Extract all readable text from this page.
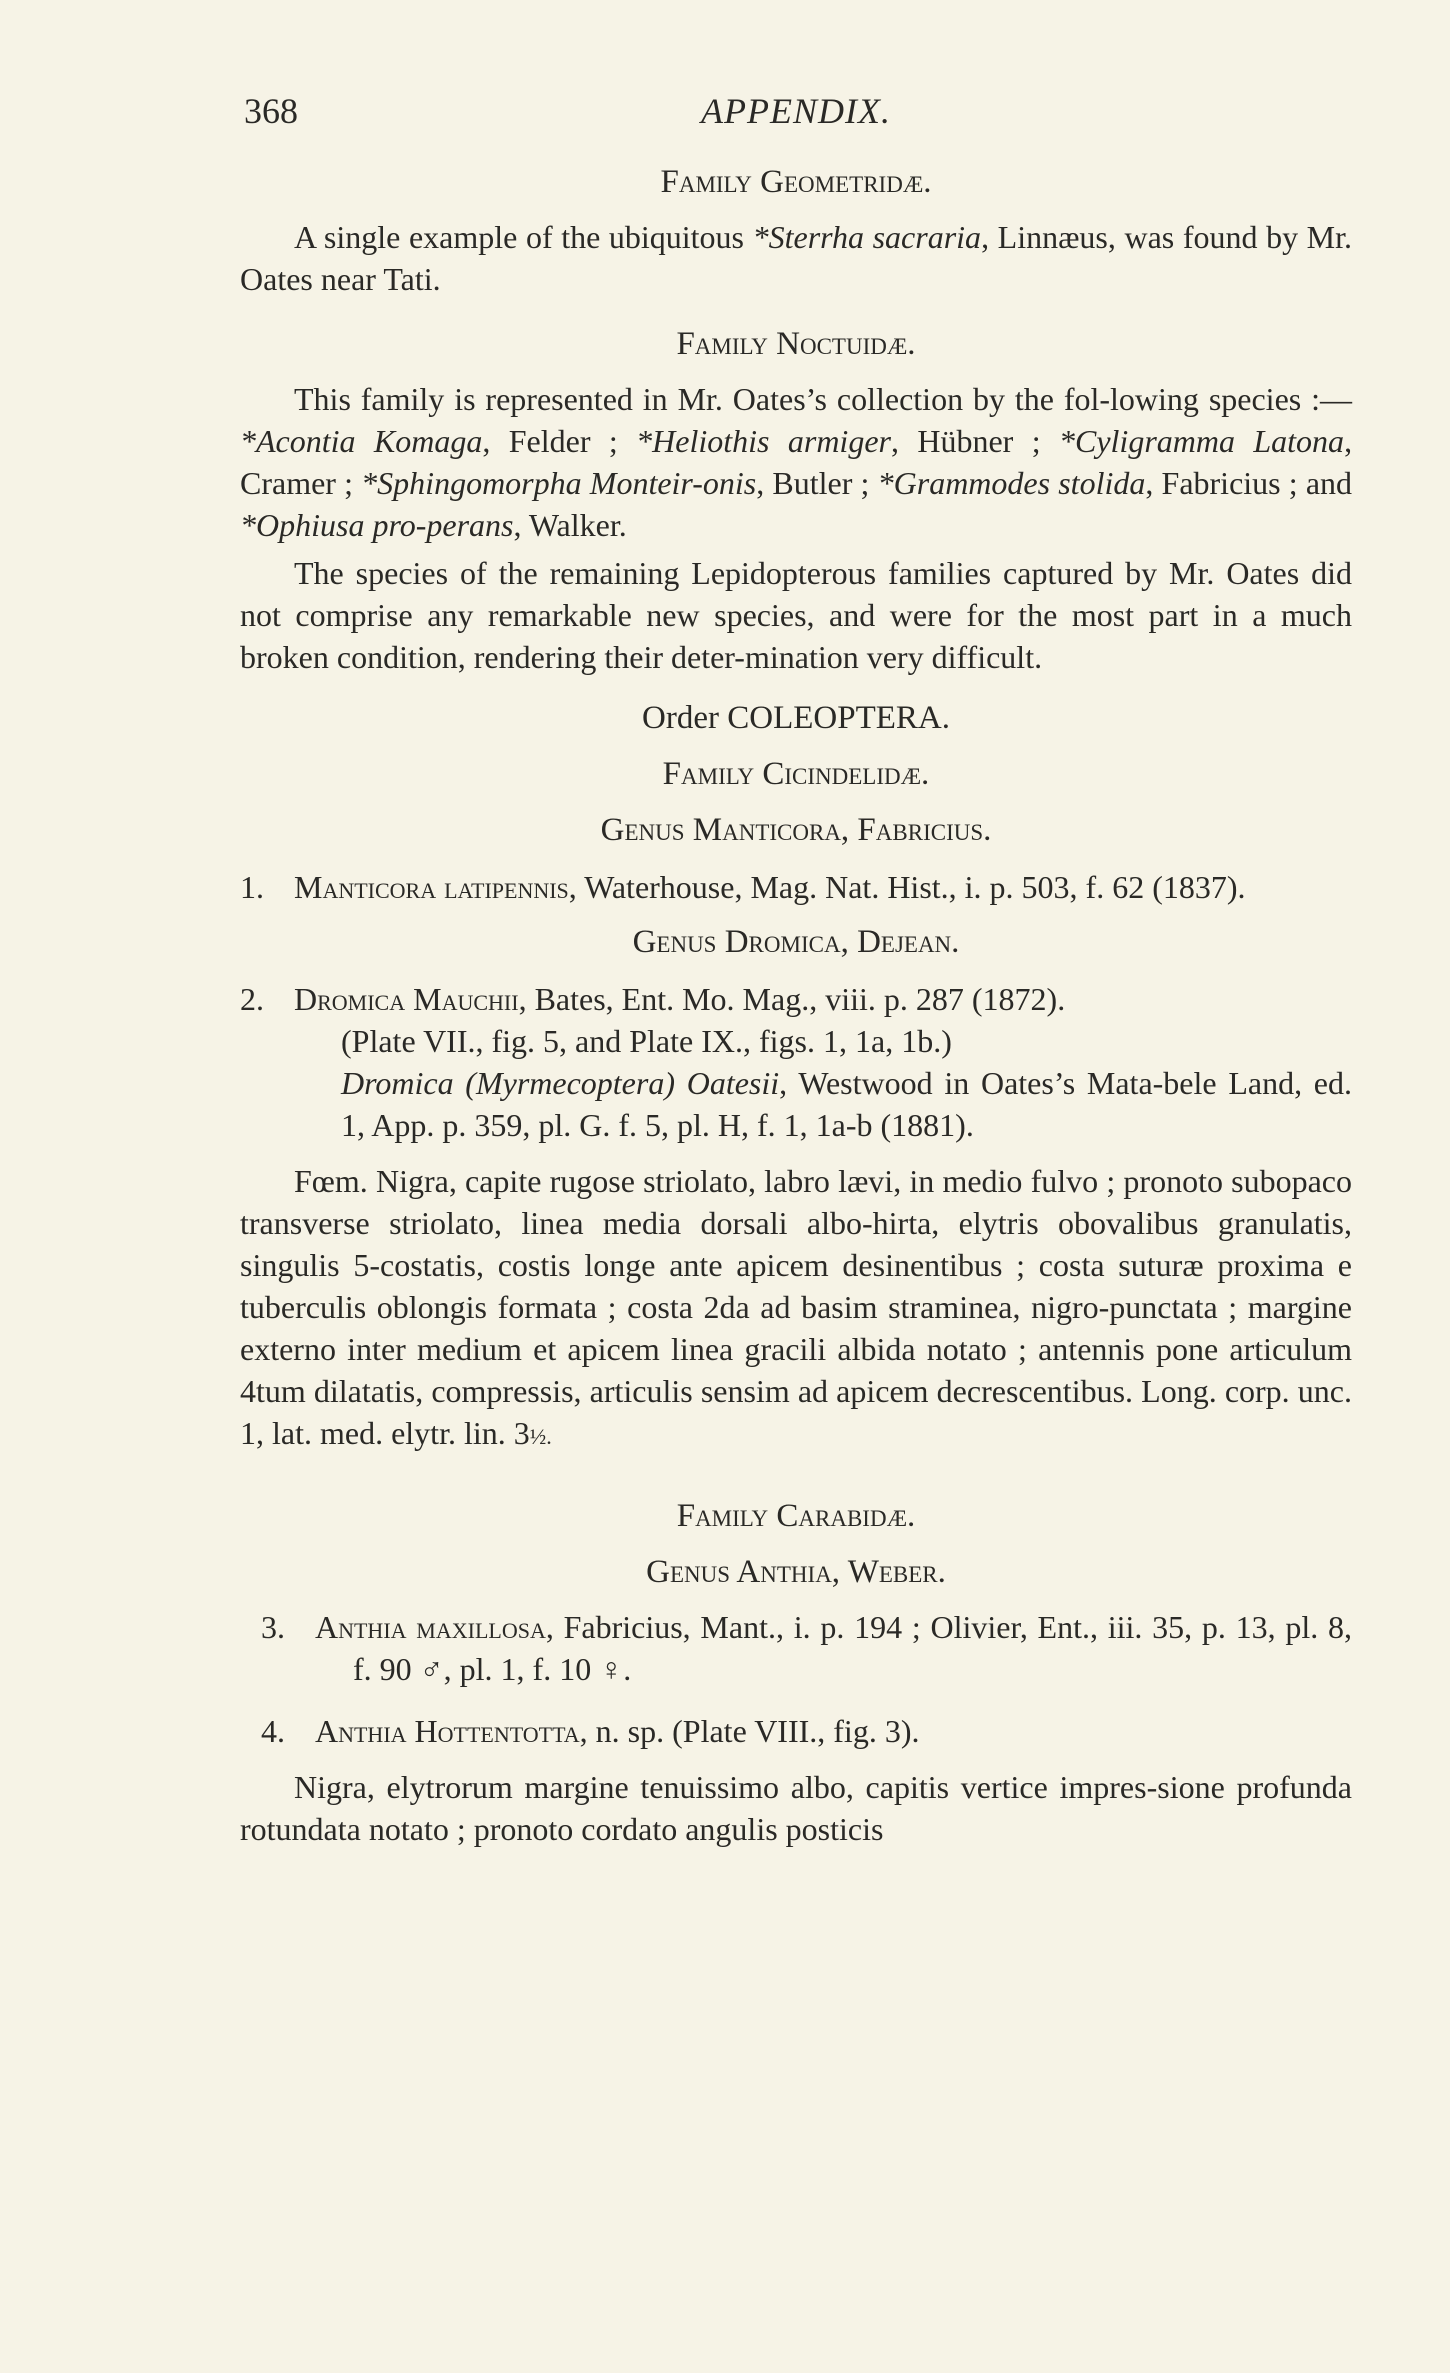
368	APPENDIX.
Family Geometridæ.

A single example of the ubiquitous *Sterrha sacraria, Linnæus, was found by Mr. Oates near Tati.

Family Noctuidæ.

This family is represented in Mr. Oates’s collection by the fol-lowing species :—*Acontia Komaga, Felder ; *Heliothis armiger, Hübner ; *Cyligramma Latona, Cramer ; *Sphingomorpha Monteir-onis, Butler ; *Grammodes stolida, Fabricius ; and *Ophiusa pro-perans, Walker.

The species of the remaining Lepidopterous families captured by Mr. Oates did not comprise any remarkable new species, and were for the most part in a much broken condition, rendering their deter-mination very difficult.

Order COLEOPTERA.
Family Cicindelidæ.
Genus Manticora, Fabricius.

1. Manticora latipennis, Waterhouse, Mag. Nat. Hist., i. p. 503, f. 62 (1837).

Genus Dromica, Dejean.

2. Dromica Mauchii, Bates, Ent. Mo. Mag., viii. p. 287 (1872).

(Plate VII., fig. 5, and Plate IX., figs. 1, 1a, 1b.)

Dromica (Myrmecoptera) Oatesii, Westwood in Oates’s Mata-bele Land, ed. 1, App. p. 359, pl. G. f. 5, pl. H, f. 1, 1a-b (1881).

Fœm. Nigra, capite rugose striolato, labro lævi, in medio fulvo ; pronoto subopaco transverse striolato, linea media dorsali albo-hirta, elytris obovalibus granulatis, singulis 5-costatis, costis longe ante apicem desinentibus ; costa suturæ proxima e tuberculis oblongis formata ; costa 2da ad basim straminea, nigro-punctata ; margine externo inter medium et apicem linea gracili albida notato ; antennis pone articulum 4tum dilatatis, compressis, articulis sensim ad apicem decrescentibus. Long. corp. unc. 1, lat. med. elytr. lin. 3½.

Family Carabidæ.
Genus Anthia, Weber.

3. Anthia maxillosa, Fabricius, Mant., i. p. 194 ; Olivier, Ent., iii. 35, p. 13, pl. 8, f. 90 ♂, pl. 1, f. 10 ♀.

4. Anthia Hottentotta, n. sp. (Plate VIII., fig. 3).

Nigra, elytrorum margine tenuissimo albo, capitis vertice impres-sione profunda rotundata notato ; pronoto cordato angulis posticis
